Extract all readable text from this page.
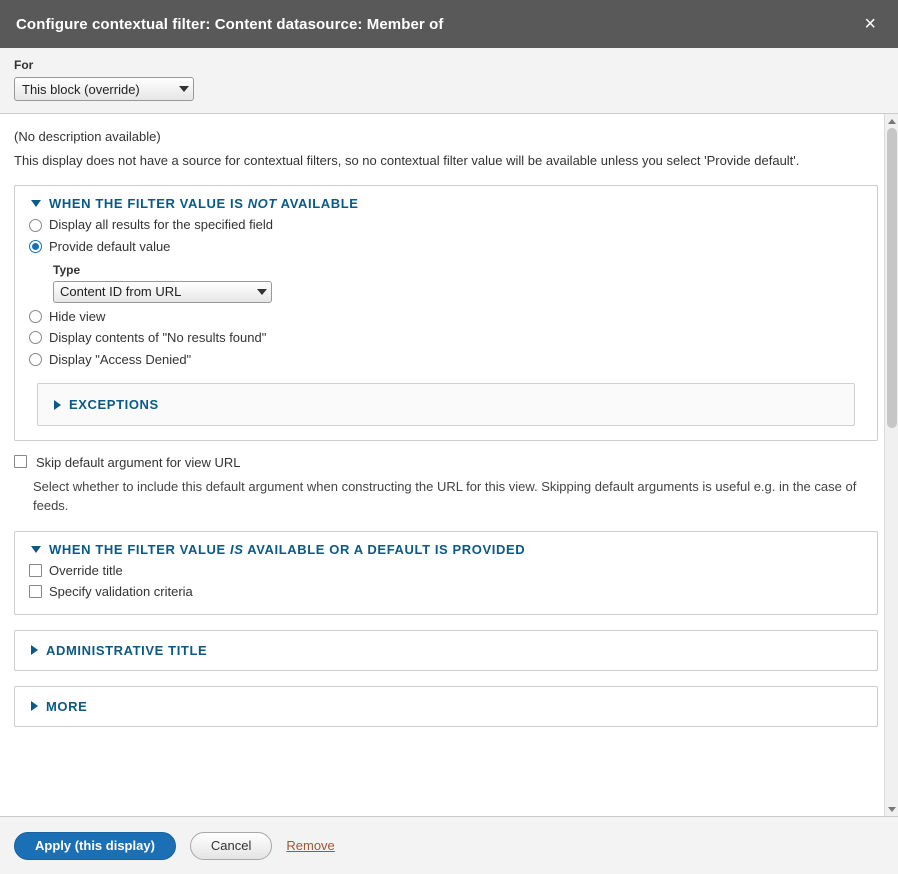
Configure contextual filter: Content datasource: Member of	×
For
This block (override)
(No description available)
This display does not have a source for contextual filters, so no contextual filter value will be available unless you select 'Provide default'.
WHEN THE FILTER VALUE IS NOT AVAILABLE
Display all results for the specified field
Provide default value
Type
Content ID from URL
Hide view
Display contents of "No results found"
Display "Access Denied"
EXCEPTIONS
Skip default argument for view URL
Select whether to include this default argument when constructing the URL for this view. Skipping default arguments is useful e.g. in the case of feeds.
WHEN THE FILTER VALUE IS AVAILABLE OR A DEFAULT IS PROVIDED
Override title
Specify validation criteria
ADMINISTRATIVE TITLE
MORE
Apply (this display)	Cancel	Remove
